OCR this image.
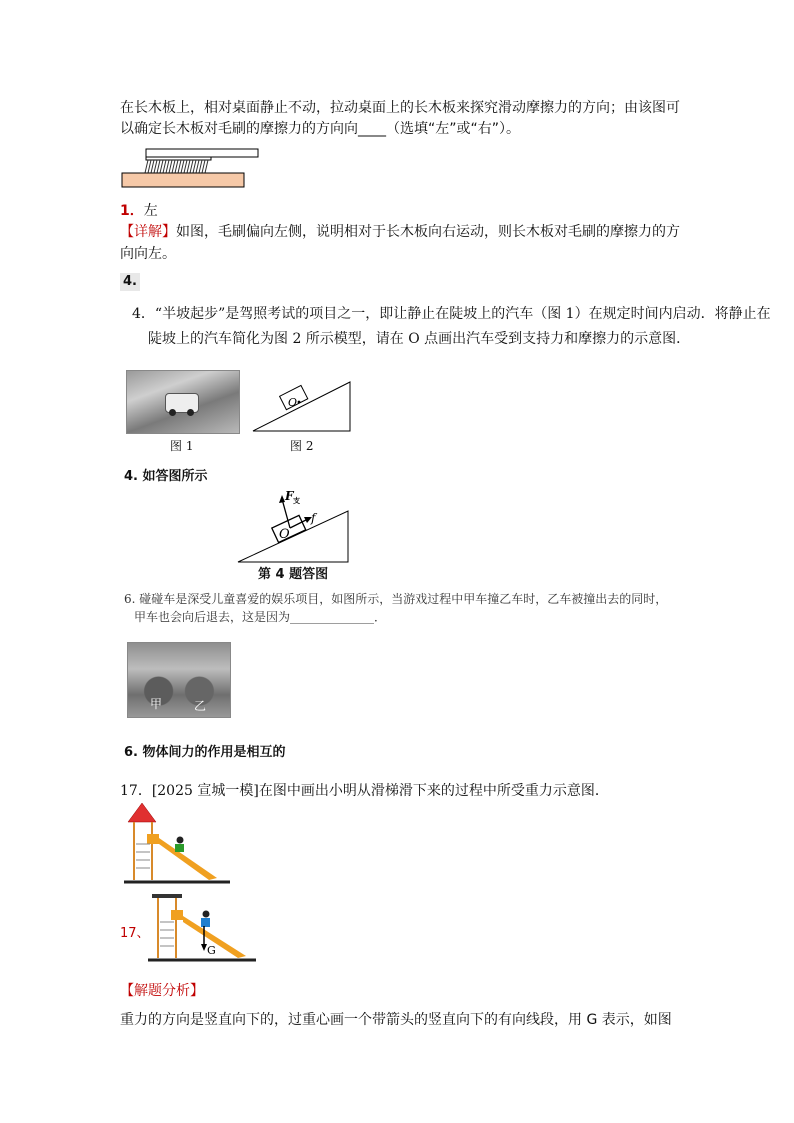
在长木板上，相对桌面静止不动，拉动桌面上的长木板来探究滑动摩擦力的方向；由该图可
以确定长木板对毛刷的摩擦力的方向向____（选填“左”或“右”）。
1．左
【详解】如图，毛刷偏向左侧，说明相对于长木板向右运动，则长木板对毛刷的摩擦力的方
向向左。
4.
4．“半坡起步”是驾照考试的项目之一，即让静止在陡坡上的汽车（图 1）在规定时间内启动．将静止在
陡坡上的汽车简化为图 2 所示模型，请在 O 点画出汽车受到支持力和摩擦力的示意图．
图 1
O
图 2
4. 如答图所示
F 支
f
O
第 4 题答图
6. 碰碰车是深受儿童喜爱的娱乐项目，如图所示，当游戏过程中甲车撞乙车时，乙车被撞出去的同时，
甲车也会向后退去，这是因为______________．
甲	乙
6. 物体间力的作用是相互的
17．[2025 宣城一模]在图中画出小明从滑梯滑下来的过程中所受重力示意图．
17、
G
【解题分析】
重力的方向是竖直向下的，过重心画一个带箭头的竖直向下的有向线段，用 G 表示，如图
